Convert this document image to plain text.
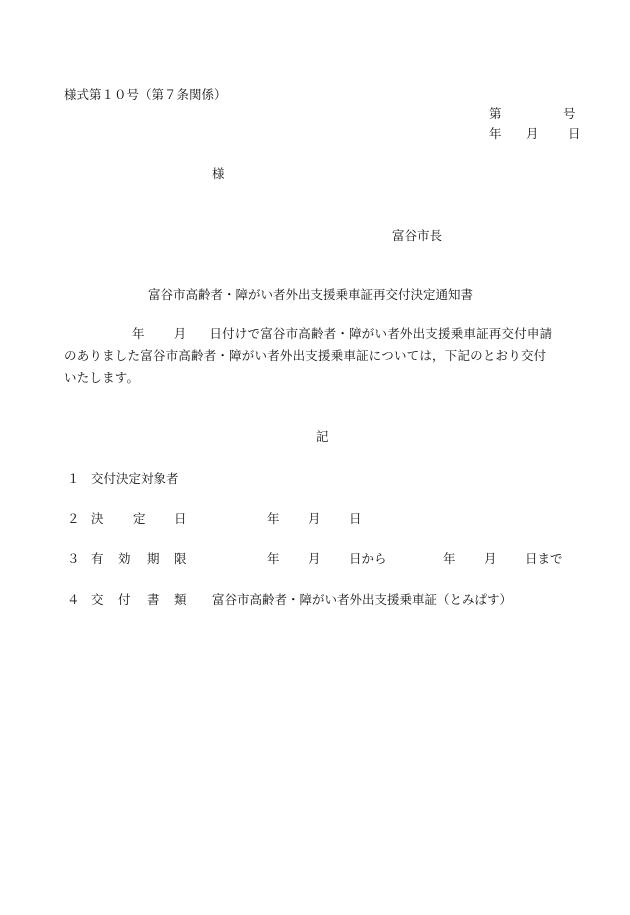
様式第１０号（第７条関係）
第	号
年 月 日
様
富谷市長
富谷市高齢者・障がい者外出支援乗車証再交付決定通知書
年 月 日付けで富谷市高齢者・障がい者外出支援乗車証再交付申請
のありました富谷市高齢者・障がい者外出支援乗車証については，下記のとおり交付
いたします。
記
１ 交付決定対象者
２ 決 定 日	年 月 日
３ 有 効 期 限	年 月 日から	年 月 日まで
４ 交 付 書 類 富谷市高齢者・障がい者外出支援乗車証（とみぱす）
